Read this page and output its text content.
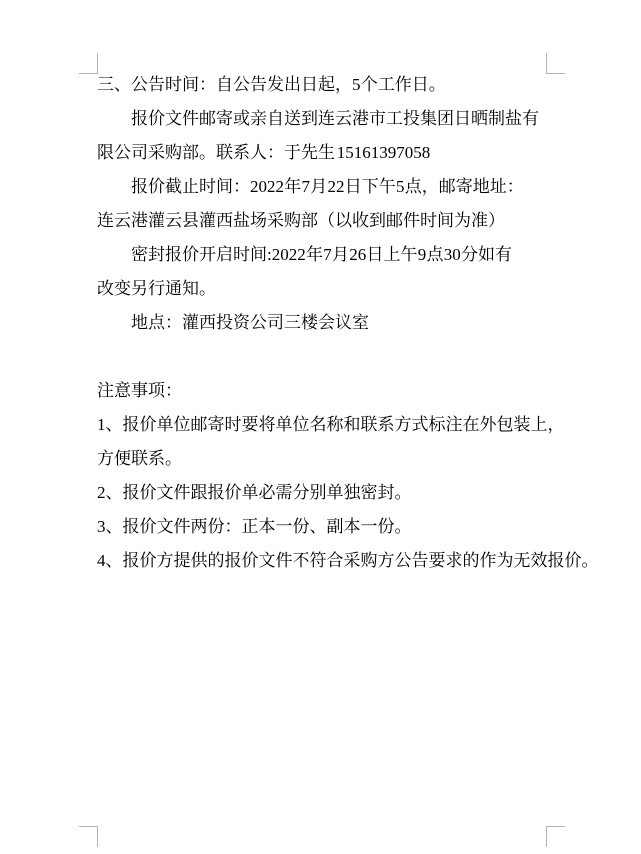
三、公告时间：自公告发出日起，5 个工作日。
报价文件邮寄或亲自送到连云港市工投集团日晒制盐有
限公司采购部。联系人：于先生       15161397058
报价截止时间：2022 年 7 月 22 日下午 5 点，邮寄地址：
连云港灌云县灌西盐场采购部（以收到邮件时间为准）
密封报价开启时间:2022 年 7 月 26 日上午 9 点 30 分如有
改变另行通知。
地点：灌西投资公司三楼会议室
注意事项：
1、报价单位邮寄时要将单位名称和联系方式标注在外包装上，
方便联系。
2、报价文件跟报价单必需分别单独密封。
3、报价文件两份：正本一份、副本一份。
4、报价方提供的报价文件不符合采购方公告要求的作为无效报价。
